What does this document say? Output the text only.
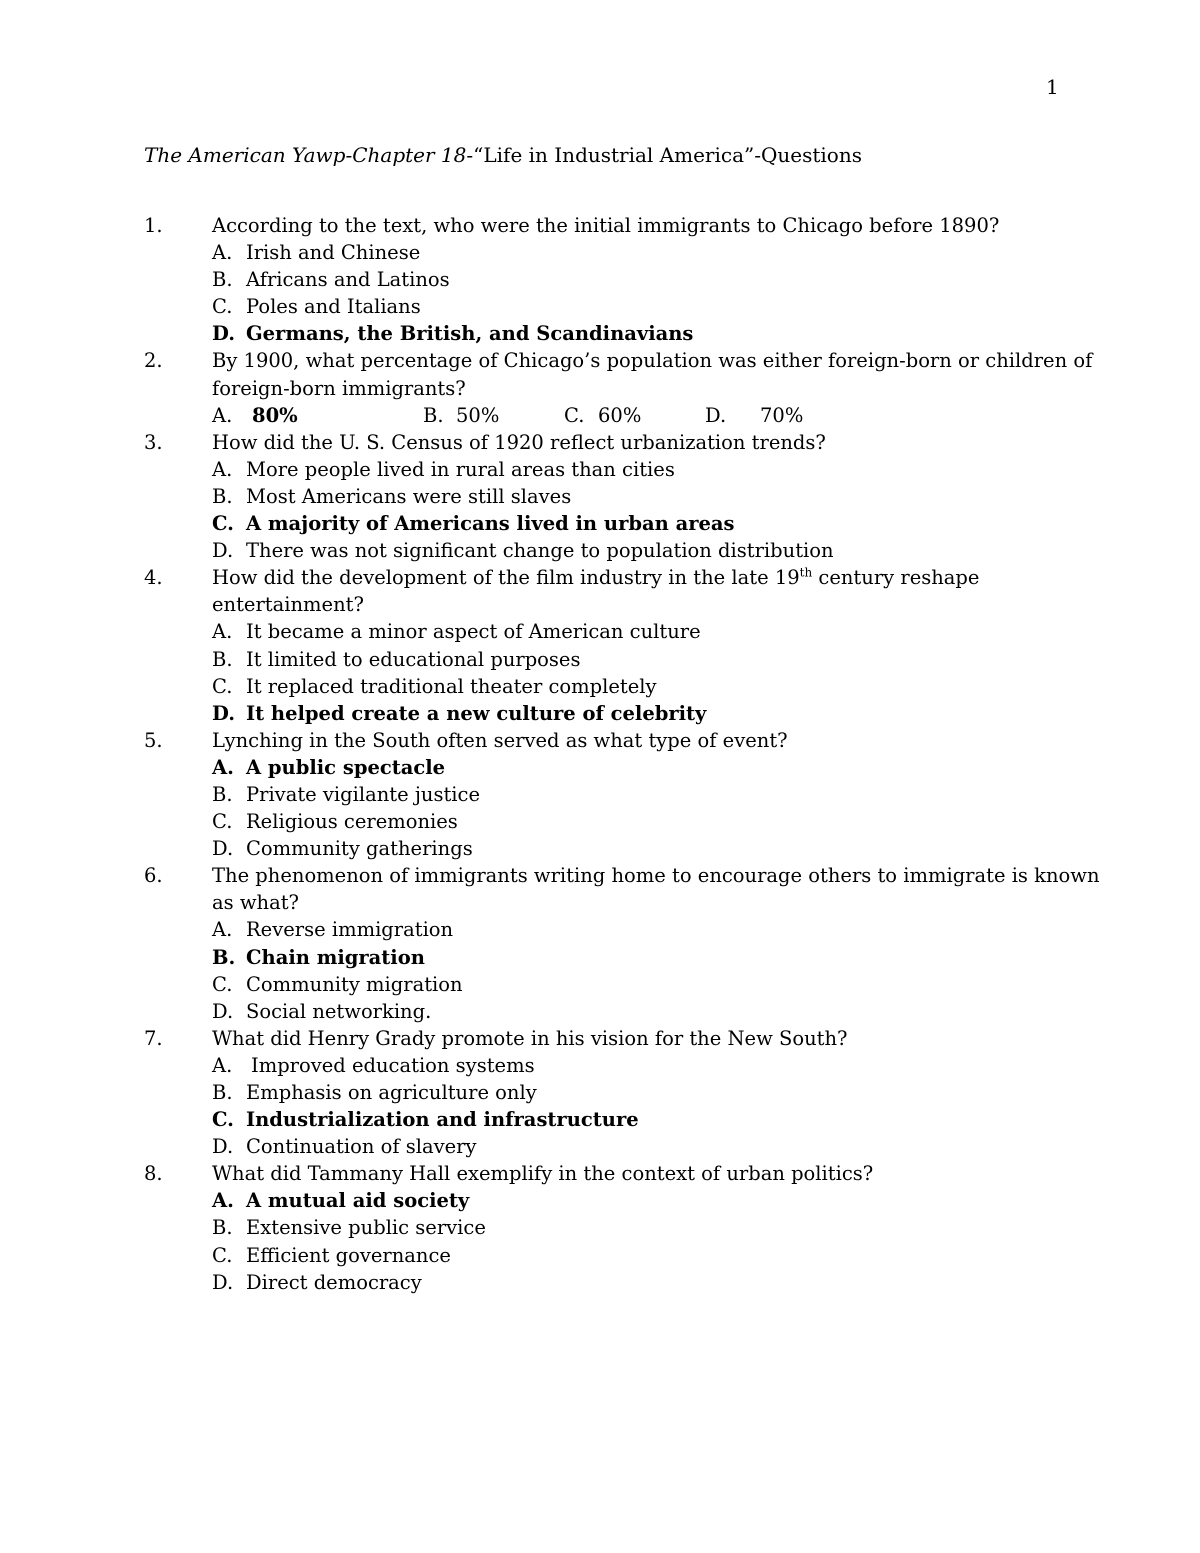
1
The American Yawp-Chapter 18-“Life in Industrial America”-Questions
1.	According to the text, who were the initial immigrants to Chicago before 1890?
A. Irish and Chinese
B. Africans and Latinos
C. Poles and Italians
D. Germans, the British, and Scandinavians
2.	By 1900, what percentage of Chicago’s population was either foreign-born or children of
foreign-born immigrants?
A. 80%	B. 50%	C. 60%	D. 70%
3.	How did the U. S. Census of 1920 reflect urbanization trends?
A. More people lived in rural areas than cities
B. Most Americans were still slaves
C. A majority of Americans lived in urban areas
D. There was not significant change to population distribution
4.	How did the development of the film industry in the late 19th century reshape
entertainment?
A. It became a minor aspect of American culture
B. It limited to educational purposes
C. It replaced traditional theater completely
D. It helped create a new culture of celebrity
5.	Lynching in the South often served as what type of event?
A. A public spectacle
B. Private vigilante justice
C. Religious ceremonies
D. Community gatherings
6.	The phenomenon of immigrants writing home to encourage others to immigrate is known
as what?
A. Reverse immigration
B. Chain migration
C. Community migration
D. Social networking.
7.	What did Henry Grady promote in his vision for the New South?
A. Improved education systems
B. Emphasis on agriculture only
C. Industrialization and infrastructure
D. Continuation of slavery
8.	What did Tammany Hall exemplify in the context of urban politics?
A. A mutual aid society
B. Extensive public service
C. Efficient governance
D. Direct democracy
